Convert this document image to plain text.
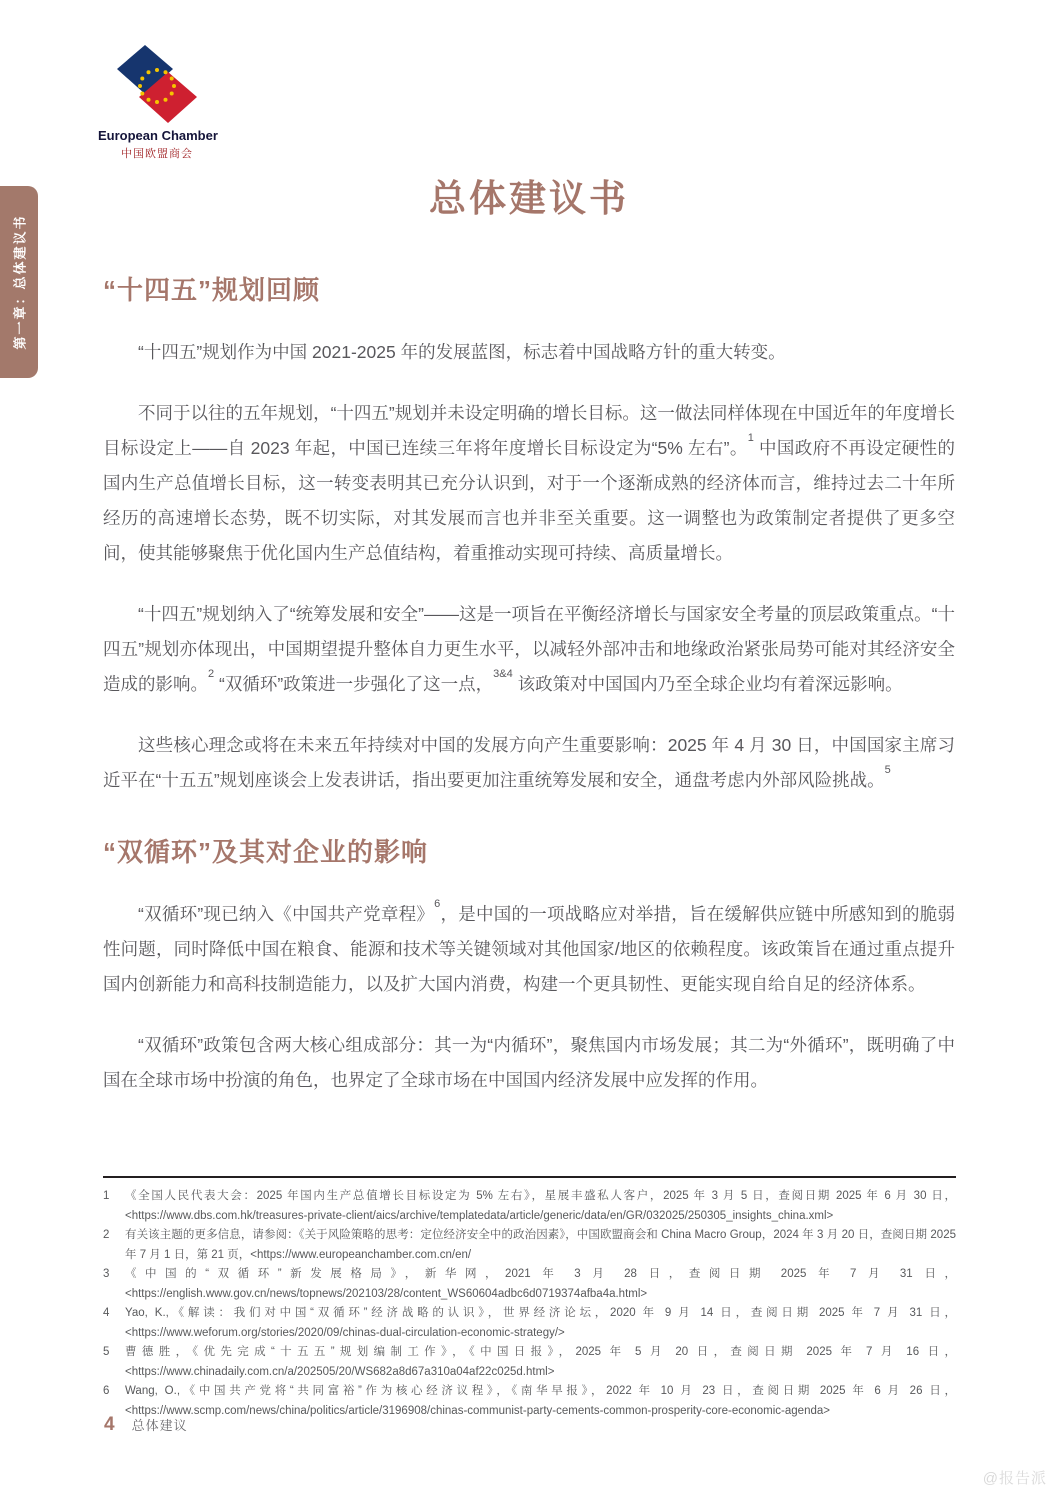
European Chamber
中国欧盟商会
第一章：总体建议书
总体建议书
“十四五”规划回顾

“十四五”规划作为中国 2021-2025 年的发展蓝图，标志着中国战略方针的重大转变。

不同于以往的五年规划，“十四五”规划并未设定明确的增长目标。这一做法同样体现在中国近年的年度增长目标设定上——自 2023 年起，中国已连续三年将年度增长目标设定为“5% 左右”。$^1$ 中国政府不再设定硬性的国内生产总值增长目标，这一转变表明其已充分认识到，对于一个逐渐成熟的经济体而言，维持过去二十年所经历的高速增长态势，既不切实际，对其发展而言也并非至关重要。这一调整也为政策制定者提供了更多空间，使其能够聚焦于优化国内生产总值结构，着重推动实现可持续、高质量增长。

“十四五”规划纳入了“统筹发展和安全”——这是一项旨在平衡经济增长与国家安全考量的顶层政策重点。“十四五”规划亦体现出，中国期望提升整体自力更生水平，以减轻外部冲击和地缘政治紧张局势可能对其经济安全造成的影响。$^2$ “双循环”政策进一步强化了这一点，$^{3\&4}$ 该政策对中国国内乃至全球企业均有着深远影响。

这些核心理念或将在未来五年持续对中国的发展方向产生重要影响：2025 年 4 月 30 日，中国国家主席习近平在“十五五”规划座谈会上发表讲话，指出要更加注重统筹发展和安全，通盘考虑内外部风险挑战。$^5$

“双循环”及其对企业的影响

“双循环”现已纳入《中国共产党章程》$^6$，是中国的一项战略应对举措，旨在缓解供应链中所感知到的脆弱性问题，同时降低中国在粮食、能源和技术等关键领域对其他国家/地区的依赖程度。该政策旨在通过重点提升国内创新能力和高科技制造能力，以及扩大国内消费，构建一个更具韧性、更能实现自给自足的经济体系。

“双循环”政策包含两大核心组成部分：其一为“内循环”，聚焦国内市场发展；其二为“外循环”，既明确了中国在全球市场中扮演的角色，也界定了全球市场在中国国内经济发展中应发挥的作用。

1	《全国人民代表大会：2025 年国内生产总值增长目标设定为 5% 左右》，星展丰盛私人客户，2025 年 3 月 5 日，查阅日期 2025 年 6 月 30 日，<https://www.dbs.com.hk/treasures-private-client/aics/archive/templatedata/article/generic/data/en/GR/032025/250305_insights_china.xml>
2	有关该主题的更多信息，请参阅：《关于风险策略的思考：定位经济安全中的政治因素》，中国欧盟商会和 China Macro Group，2024 年 3 月 20 日，查阅日期 2025 年 7 月 1 日，第 21 页，<https://www.europeanchamber.com.cn/en/
3	《中国的“双循环”新发展格局》，新华网，2021 年 3 月 28 日，查阅日期 2025 年 7 月 31 日，<https://english.www.gov.cn/news/topnews/202103/28/content_WS60604adbc6d0719374afba4a.html>
4	Yao, K.,《解读：我们对中国“双循环”经济战略的认识》，世界经济论坛，2020 年 9 月 14 日，查阅日期 2025 年 7 月 31 日，<https://www.weforum.org/stories/2020/09/chinas-dual-circulation-economic-strategy/>
5	曹德胜，《优先完成“十五五”规划编制工作》，《中国日报》，2025 年 5 月 20 日，查阅日期 2025 年 7 月 16 日，<https://www.chinadaily.com.cn/a/202505/20/WS682a8d67a310a04af22c025d.html>
6	Wang, O.,《中国共产党将“共同富裕”作为核心经济议程》，《南华早报》，2022 年 10 月 23 日，查阅日期 2025 年 6 月 26 日，<https://www.scmp.com/news/china/politics/article/3196908/chinas-communist-party-cements-common-prosperity-core-economic-agenda>
4 总体建议
@报告派
